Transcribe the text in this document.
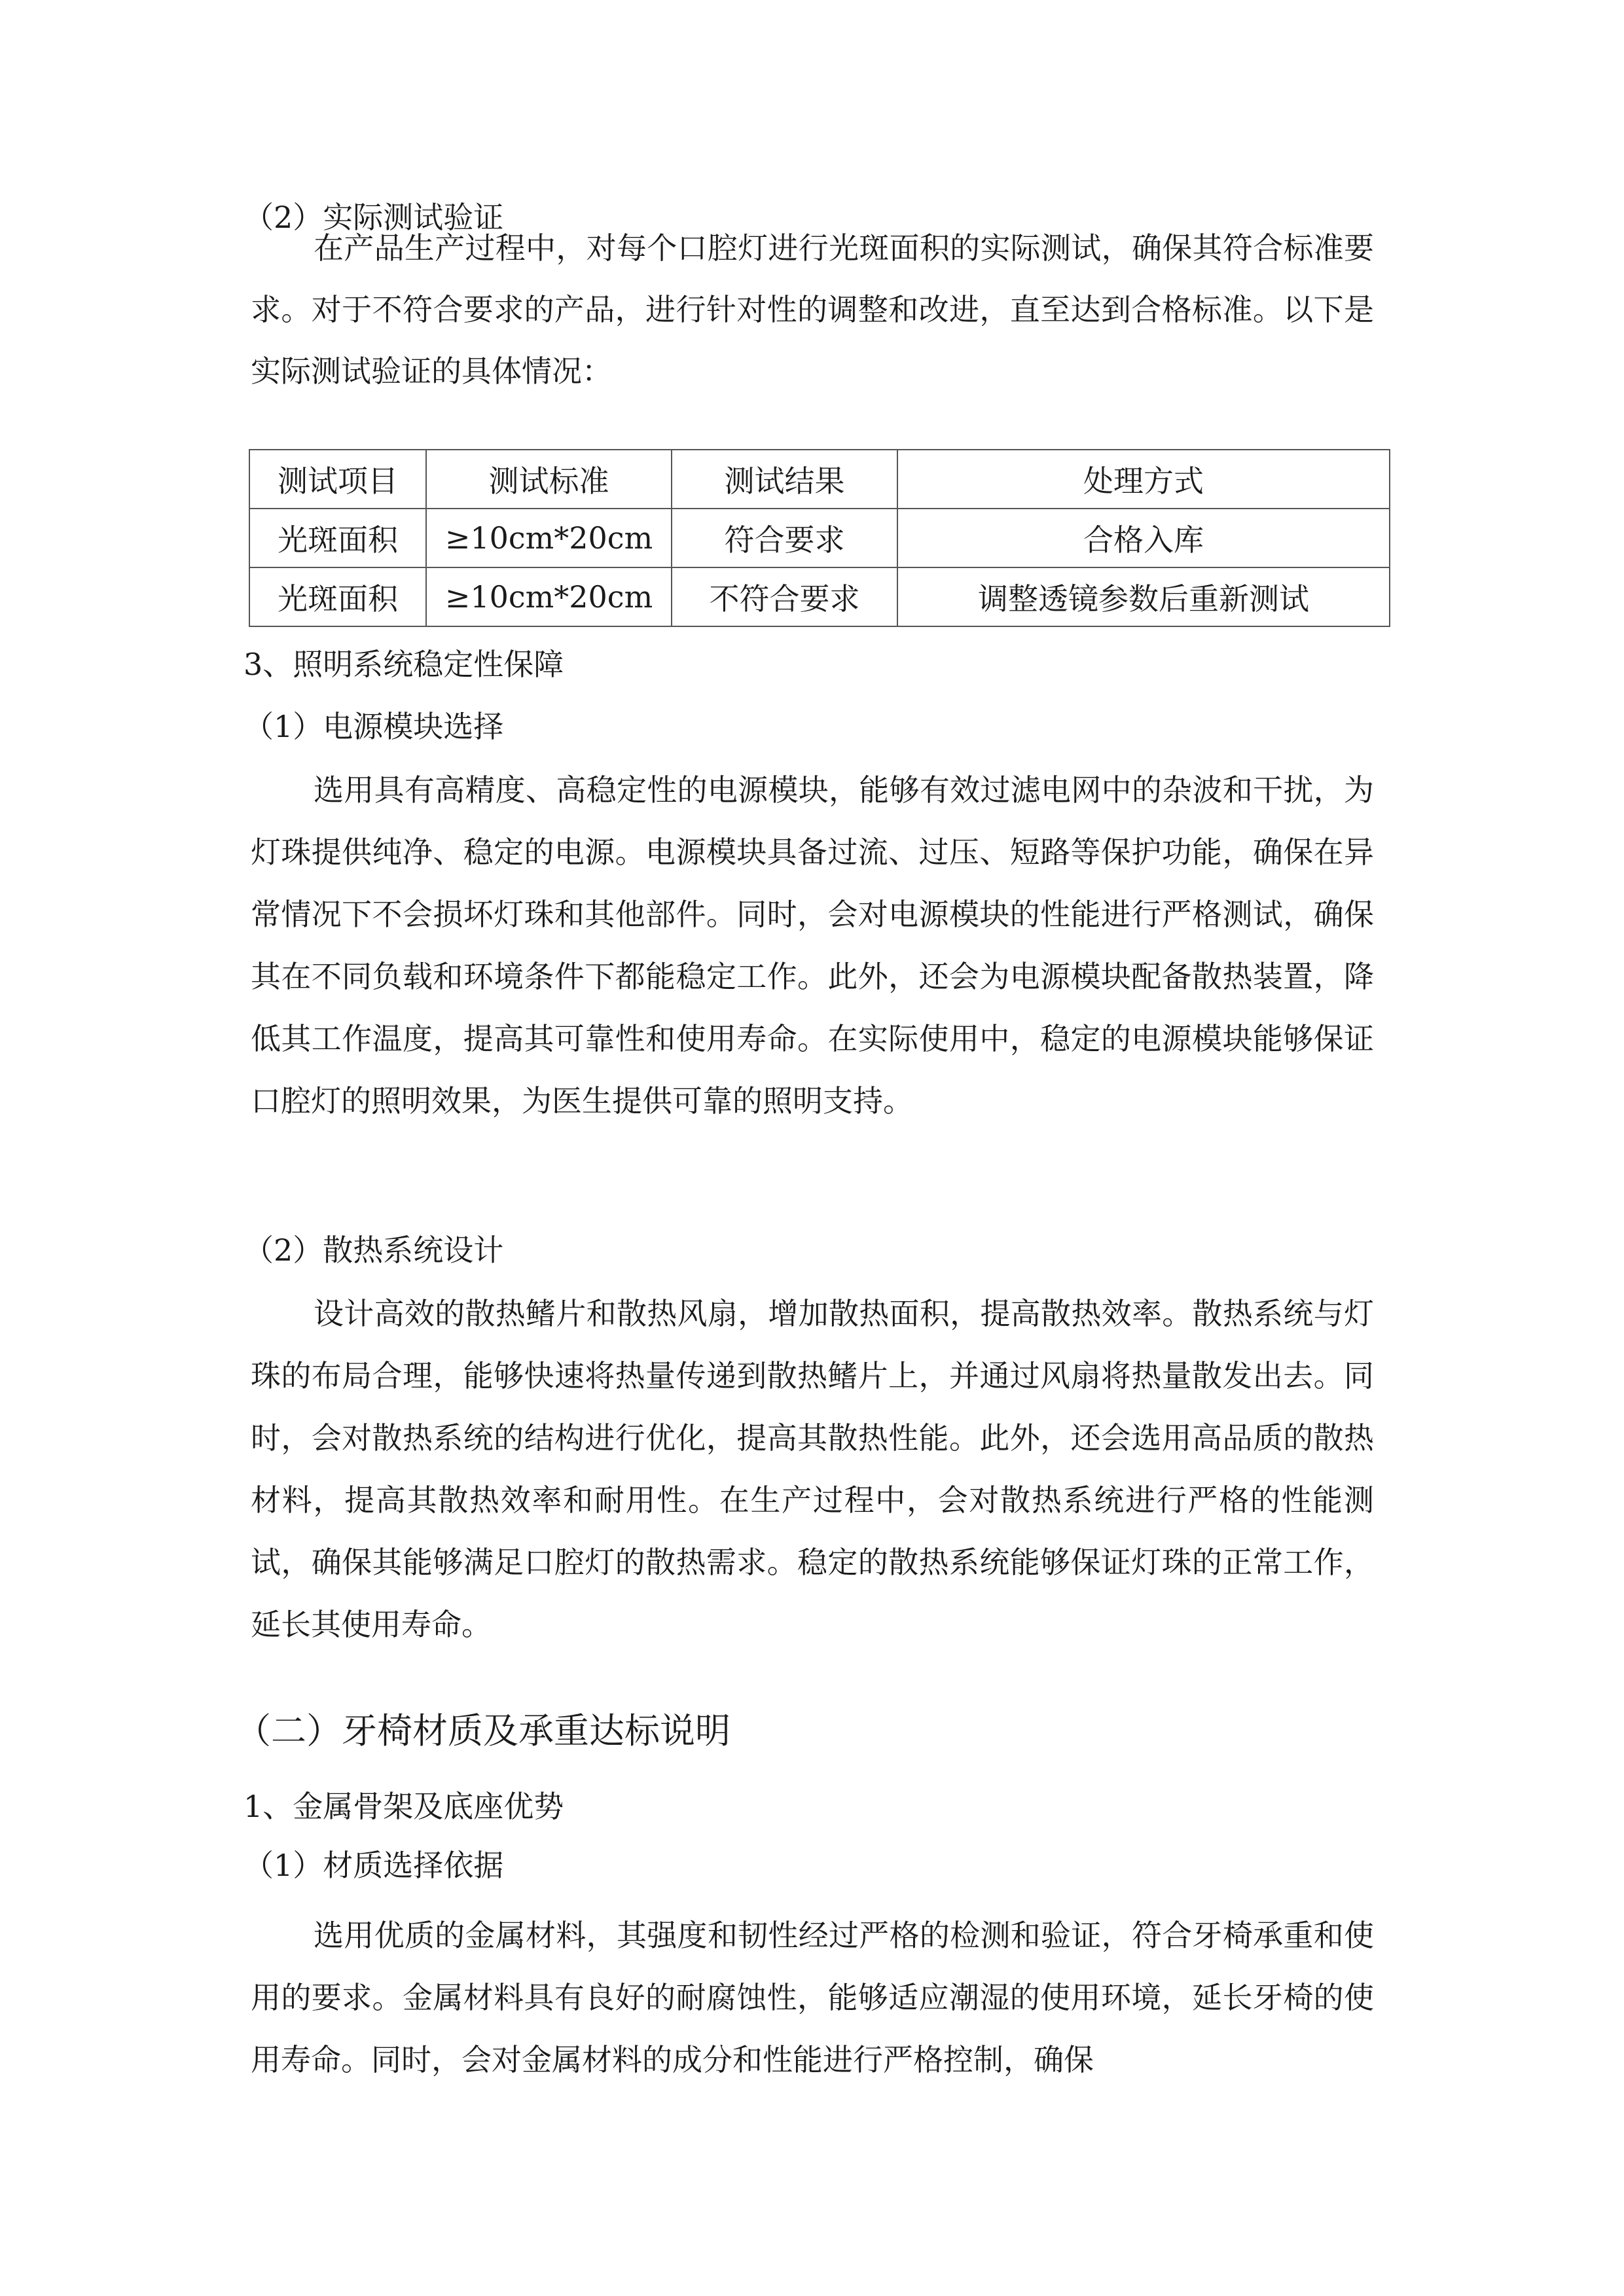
（2）实际测试验证
在产品生产过程中，对每个口腔灯进行光斑面积的实际测试，确保其符合标准要求。对于不符合要求的产品，进行针对性的调整和改进，直至达到合格标准。以下是实际测试验证的具体情况：
测试项目	测试标准	测试结果	处理方式
光斑面积	≥10cm*20cm	符合要求	合格入库
光斑面积	≥10cm*20cm	不符合要求	调整透镜参数后重新测试
3、照明系统稳定性保障
（1）电源模块选择
选用具有高精度、高稳定性的电源模块，能够有效过滤电网中的杂波和干扰，为灯珠提供纯净、稳定的电源。电源模块具备过流、过压、短路等保护功能，确保在异常情况下不会损坏灯珠和其他部件。同时，会对电源模块的性能进行严格测试，确保其在不同负载和环境条件下都能稳定工作。此外，还会为电源模块配备散热装置，降低其工作温度，提高其可靠性和使用寿命。在实际使用中，稳定的电源模块能够保证口腔灯的照明效果，为医生提供可靠的照明支持。
（2）散热系统设计
设计高效的散热鳍片和散热风扇，增加散热面积，提高散热效率。散热系统与灯珠的布局合理，能够快速将热量传递到散热鳍片上，并通过风扇将热量散发出去。同时，会对散热系统的结构进行优化，提高其散热性能。此外，还会选用高品质的散热材料，提高其散热效率和耐用性。在生产过程中，会对散热系统进行严格的性能测试，确保其能够满足口腔灯的散热需求。稳定的散热系统能够保证灯珠的正常工作，延长其使用寿命。
（二）牙椅材质及承重达标说明
1、金属骨架及底座优势
（1）材质选择依据
选用优质的金属材料，其强度和韧性经过严格的检测和验证，符合牙椅承重和使用的要求。金属材料具有良好的耐腐蚀性，能够适应潮湿的使用环境，延长牙椅的使用寿命。同时，会对金属材料的成分和性能进行严格控制，确保
